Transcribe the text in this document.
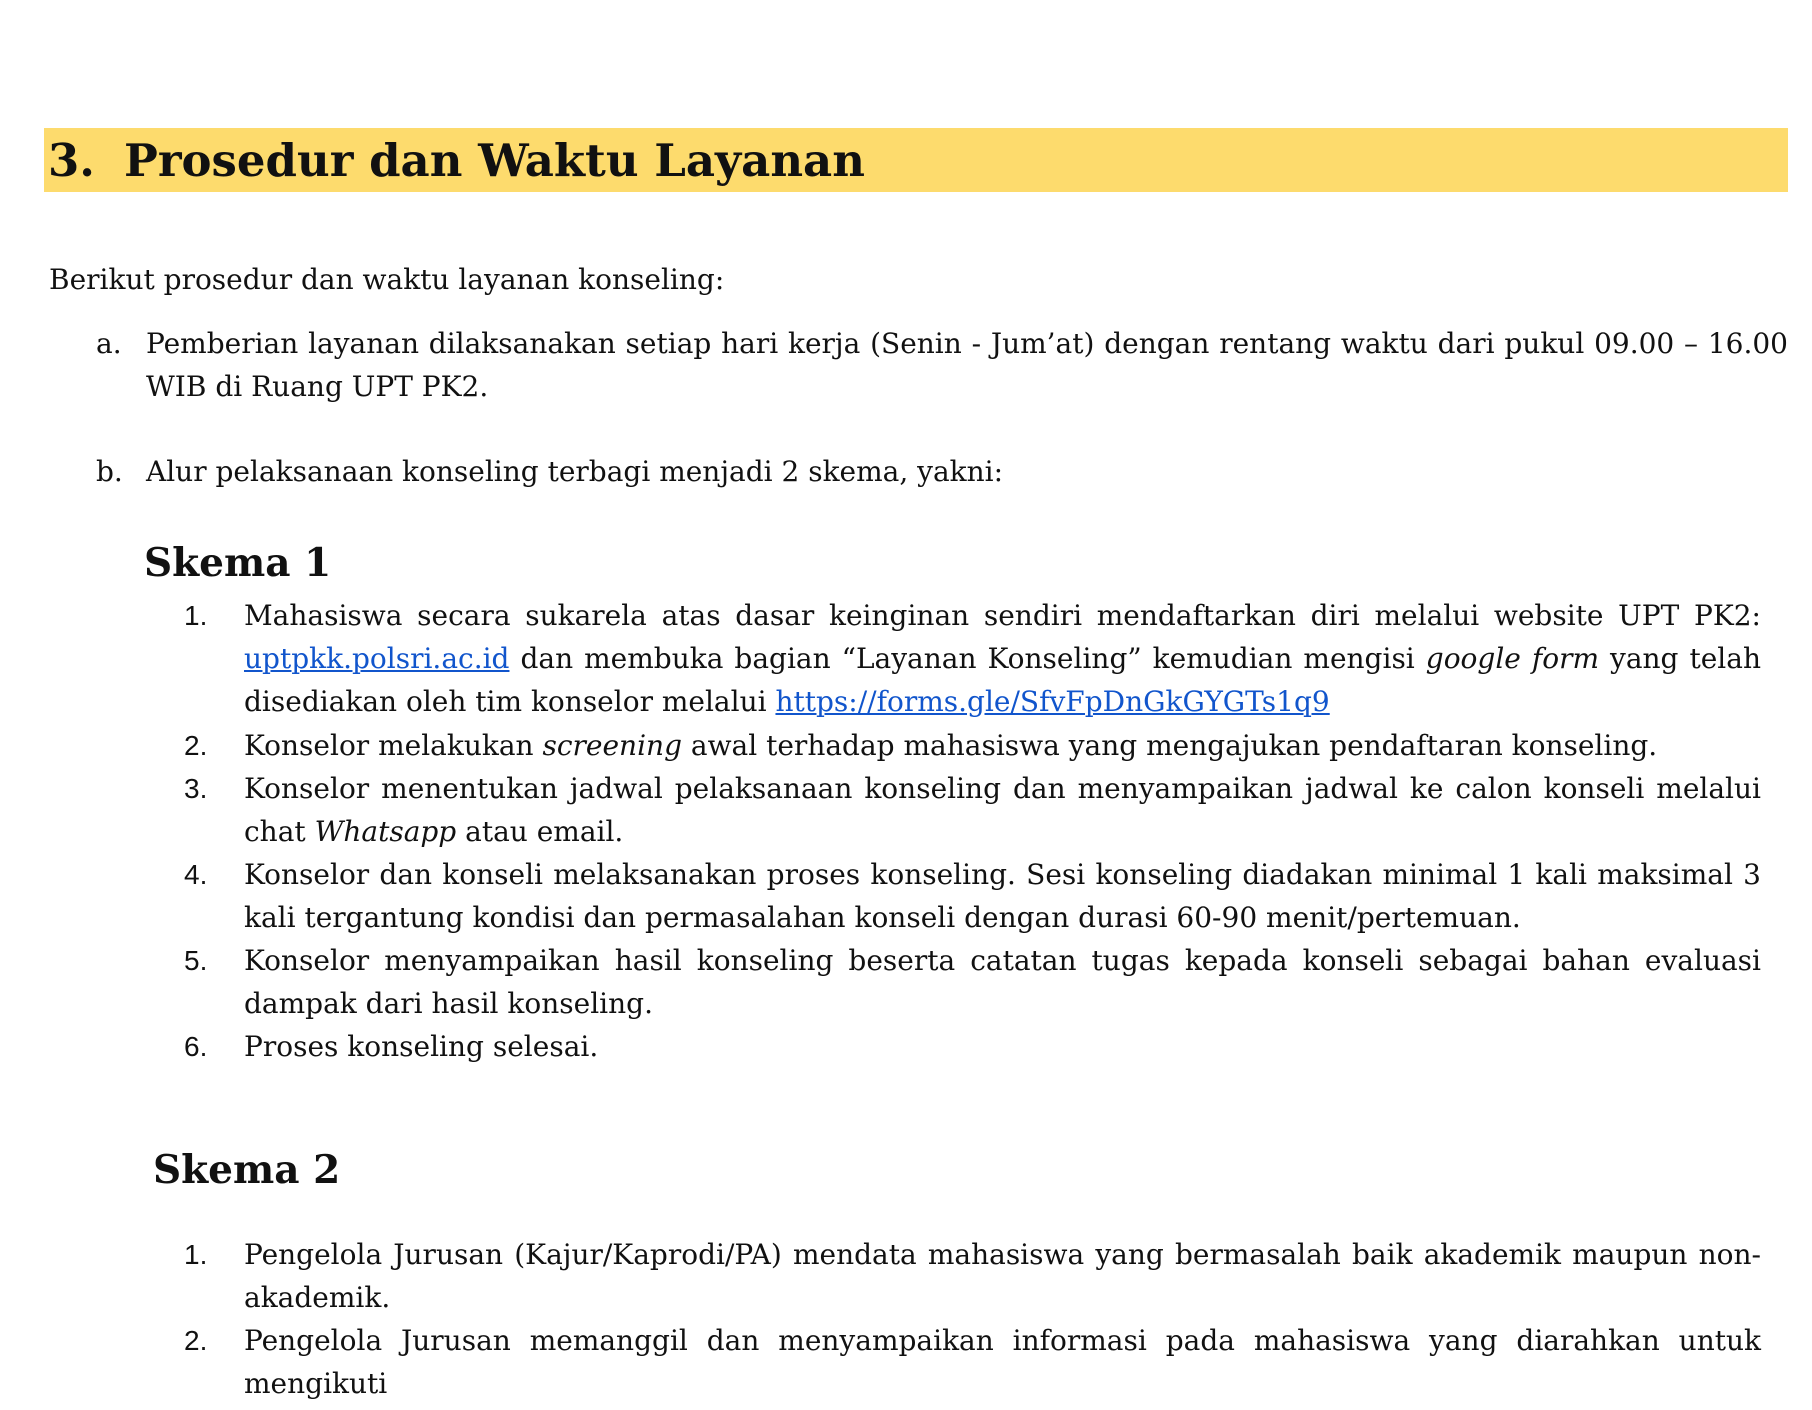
3. Prosedur dan Waktu Layanan
Berikut prosedur dan waktu layanan konseling:
a. Pemberian layanan dilaksanakan setiap hari kerja (Senin - Jum’at) dengan rentang waktu dari pukul 09.00 – 16.00 WIB di Ruang UPT PK2.
b. Alur pelaksanaan konseling terbagi menjadi 2 skema, yakni:
Skema 1
1.	Mahasiswa secara sukarela atas dasar keinginan sendiri mendaftarkan diri melalui website UPT PK2: uptpkk.polsri.ac.id dan membuka bagian “Layanan Konseling” kemudian mengisi google form yang telah disediakan oleh tim konselor melalui https://forms.gle/SfvFpDnGkGYGTs1q9
2.	Konselor melakukan screening awal terhadap mahasiswa yang mengajukan pendaftaran konseling.
3.	Konselor menentukan jadwal pelaksanaan konseling dan menyampaikan jadwal ke calon konseli melalui chat Whatsapp atau email.
4.	Konselor dan konseli melaksanakan proses konseling. Sesi konseling diadakan minimal 1 kali maksimal 3 kali tergantung kondisi dan permasalahan konseli dengan durasi 60-90 menit/pertemuan.
5.	Konselor menyampaikan hasil konseling beserta catatan tugas kepada konseli sebagai bahan evaluasi dampak dari hasil konseling.
6.	Proses konseling selesai.
Skema 2
1.	Pengelola Jurusan (Kajur/Kaprodi/PA) mendata mahasiswa yang bermasalah baik akademik maupun non-akademik.
2.	Pengelola Jurusan memanggil dan menyampaikan informasi pada mahasiswa yang diarahkan untuk mengikuti
